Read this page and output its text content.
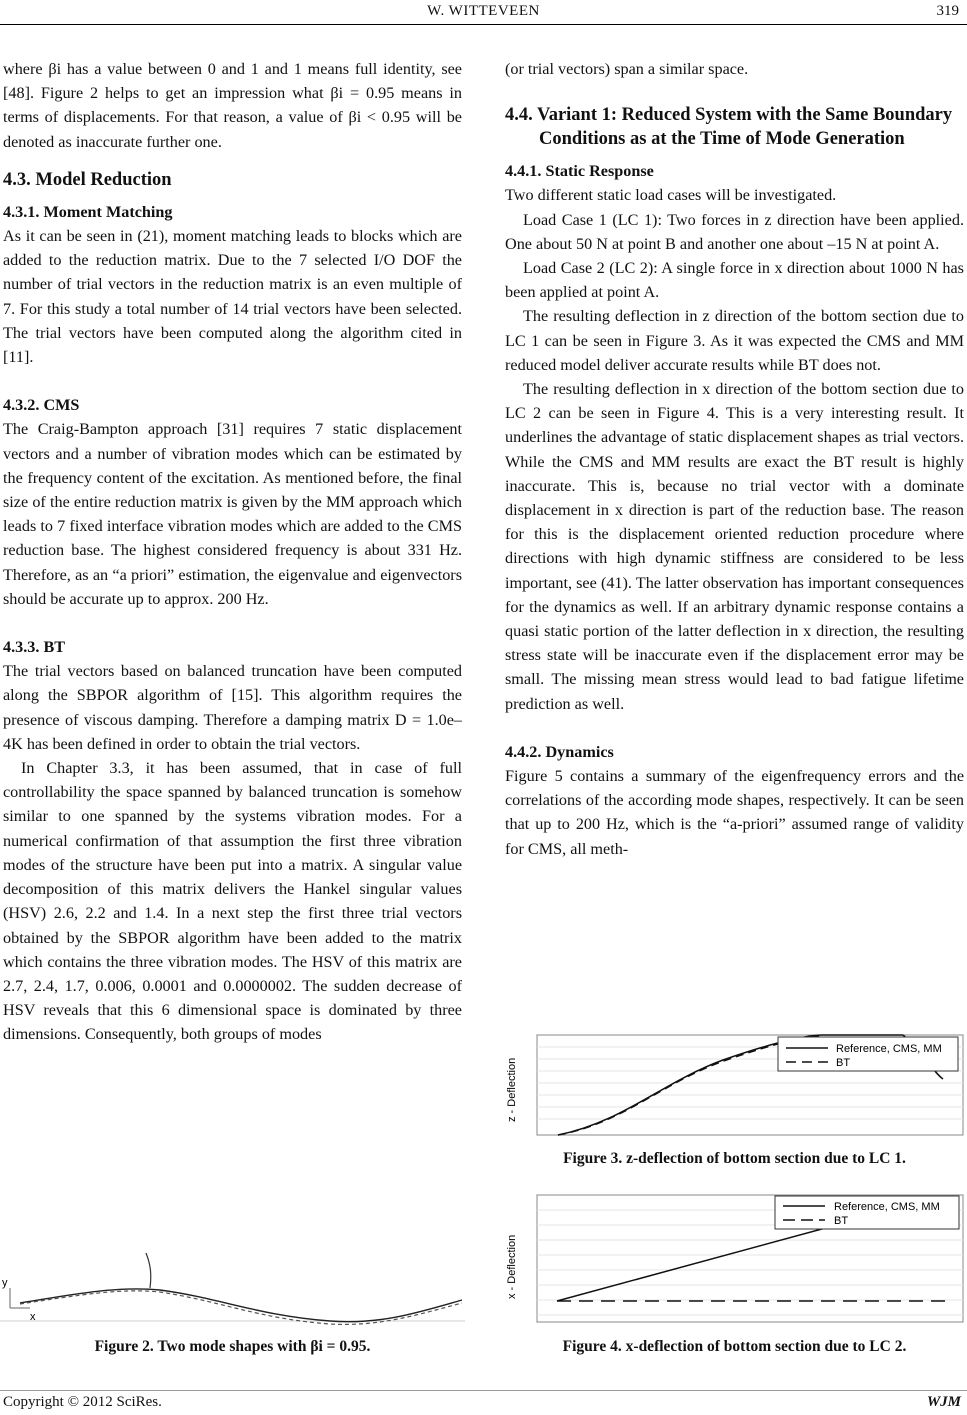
W. WITTEVEEN	319

where βi has a value between 0 and 1 and 1 means full identity, see [48]. Figure 2 helps to get an impression what βi = 0.95 means in terms of displacements. For that reason, a value of βi < 0.95 will be denoted as inaccurate further one.

4.3. Model Reduction
4.3.1. Moment Matching

As it can be seen in (21), moment matching leads to blocks which are added to the reduction matrix. Due to the 7 selected I/O DOF the number of trial vectors in the reduction matrix is an even multiple of 7. For this study a total number of 14 trial vectors have been selected. The trial vectors have been computed along the algorithm cited in [11].

4.3.2. CMS

The Craig-Bampton approach [31] requires 7 static displacement vectors and a number of vibration modes which can be estimated by the frequency content of the excitation. As mentioned before, the final size of the entire reduction matrix is given by the MM approach which leads to 7 fixed interface vibration modes which are added to the CMS reduction base. The highest considered frequency is about 331 Hz. Therefore, as an “a priori” estimation, the eigenvalue and eigenvectors should be accurate up to approx. 200 Hz.

4.3.3. BT

The trial vectors based on balanced truncation have been computed along the SBPOR algorithm of [15]. This algorithm requires the presence of viscous damping. Therefore a damping matrix D = 1.0e–4K has been defined in order to obtain the trial vectors.

In Chapter 3.3, it has been assumed, that in case of full controllability the space spanned by balanced truncation is somehow similar to one spanned by the systems vibration modes. For a numerical confirmation of that assumption the first three vibration modes of the structure have been put into a matrix. A singular value decomposition of this matrix delivers the Hankel singular values (HSV) 2.6, 2.2 and 1.4. In a next step the first three trial vectors obtained by the SBPOR algorithm have been added to the matrix which contains the three vibration modes. The HSV of this matrix are 2.7, 2.4, 1.7, 0.006, 0.0001 and 0.0000002. The sudden decrease of HSV reveals that this 6 dimensional space is dominated by three dimensions. Consequently, both groups of modes

(or trial vectors) span a similar space.

4.4. Variant 1: Reduced System with the Same Boundary Conditions as at the Time of Mode Generation
4.4.1. Static Response

Two different static load cases will be investigated.

Load Case 1 (LC 1): Two forces in z direction have been applied. One about 50 N at point B and another one about –15 N at point A.

Load Case 2 (LC 2): A single force in x direction about 1000 N has been applied at point A.

The resulting deflection in z direction of the bottom section due to LC 1 can be seen in Figure 3. As it was expected the CMS and MM reduced model deliver accurate results while BT does not.

The resulting deflection in x direction of the bottom section due to LC 2 can be seen in Figure 4. This is a very interesting result. It underlines the advantage of static displacement shapes as trial vectors. While the CMS and MM results are exact the BT result is highly inaccurate. This is, because no trial vector with a dominate displacement in x direction is part of the reduction base. The reason for this is the displacement oriented reduction procedure where directions with high dynamic stiffness are considered to be less important, see (41). The latter observation has important consequences for the dynamics as well. If an arbitrary dynamic response contains a quasi static portion of the latter deflection in x direction, the resulting stress state will be inaccurate even if the displacement error may be small. The missing mean stress would lead to bad fatigue lifetime prediction as well.

4.4.2. Dynamics

Figure 5 contains a summary of the eigenfrequency errors and the correlations of the according mode shapes, respectively. It can be seen that up to 200 Hz, which is the “a-priori” assumed range of validity for CMS, all meth-

y
x
Figure 2. Two mode shapes with βi = 0.95.
Reference, CMS, MM
BT
z - Deflection
Figure 3. z-deflection of bottom section due to LC 1.
Reference, CMS, MM
BT
x - Deflection
Figure 4. x-deflection of bottom section due to LC 2.
Copyright © 2012 SciRes.	WJM
